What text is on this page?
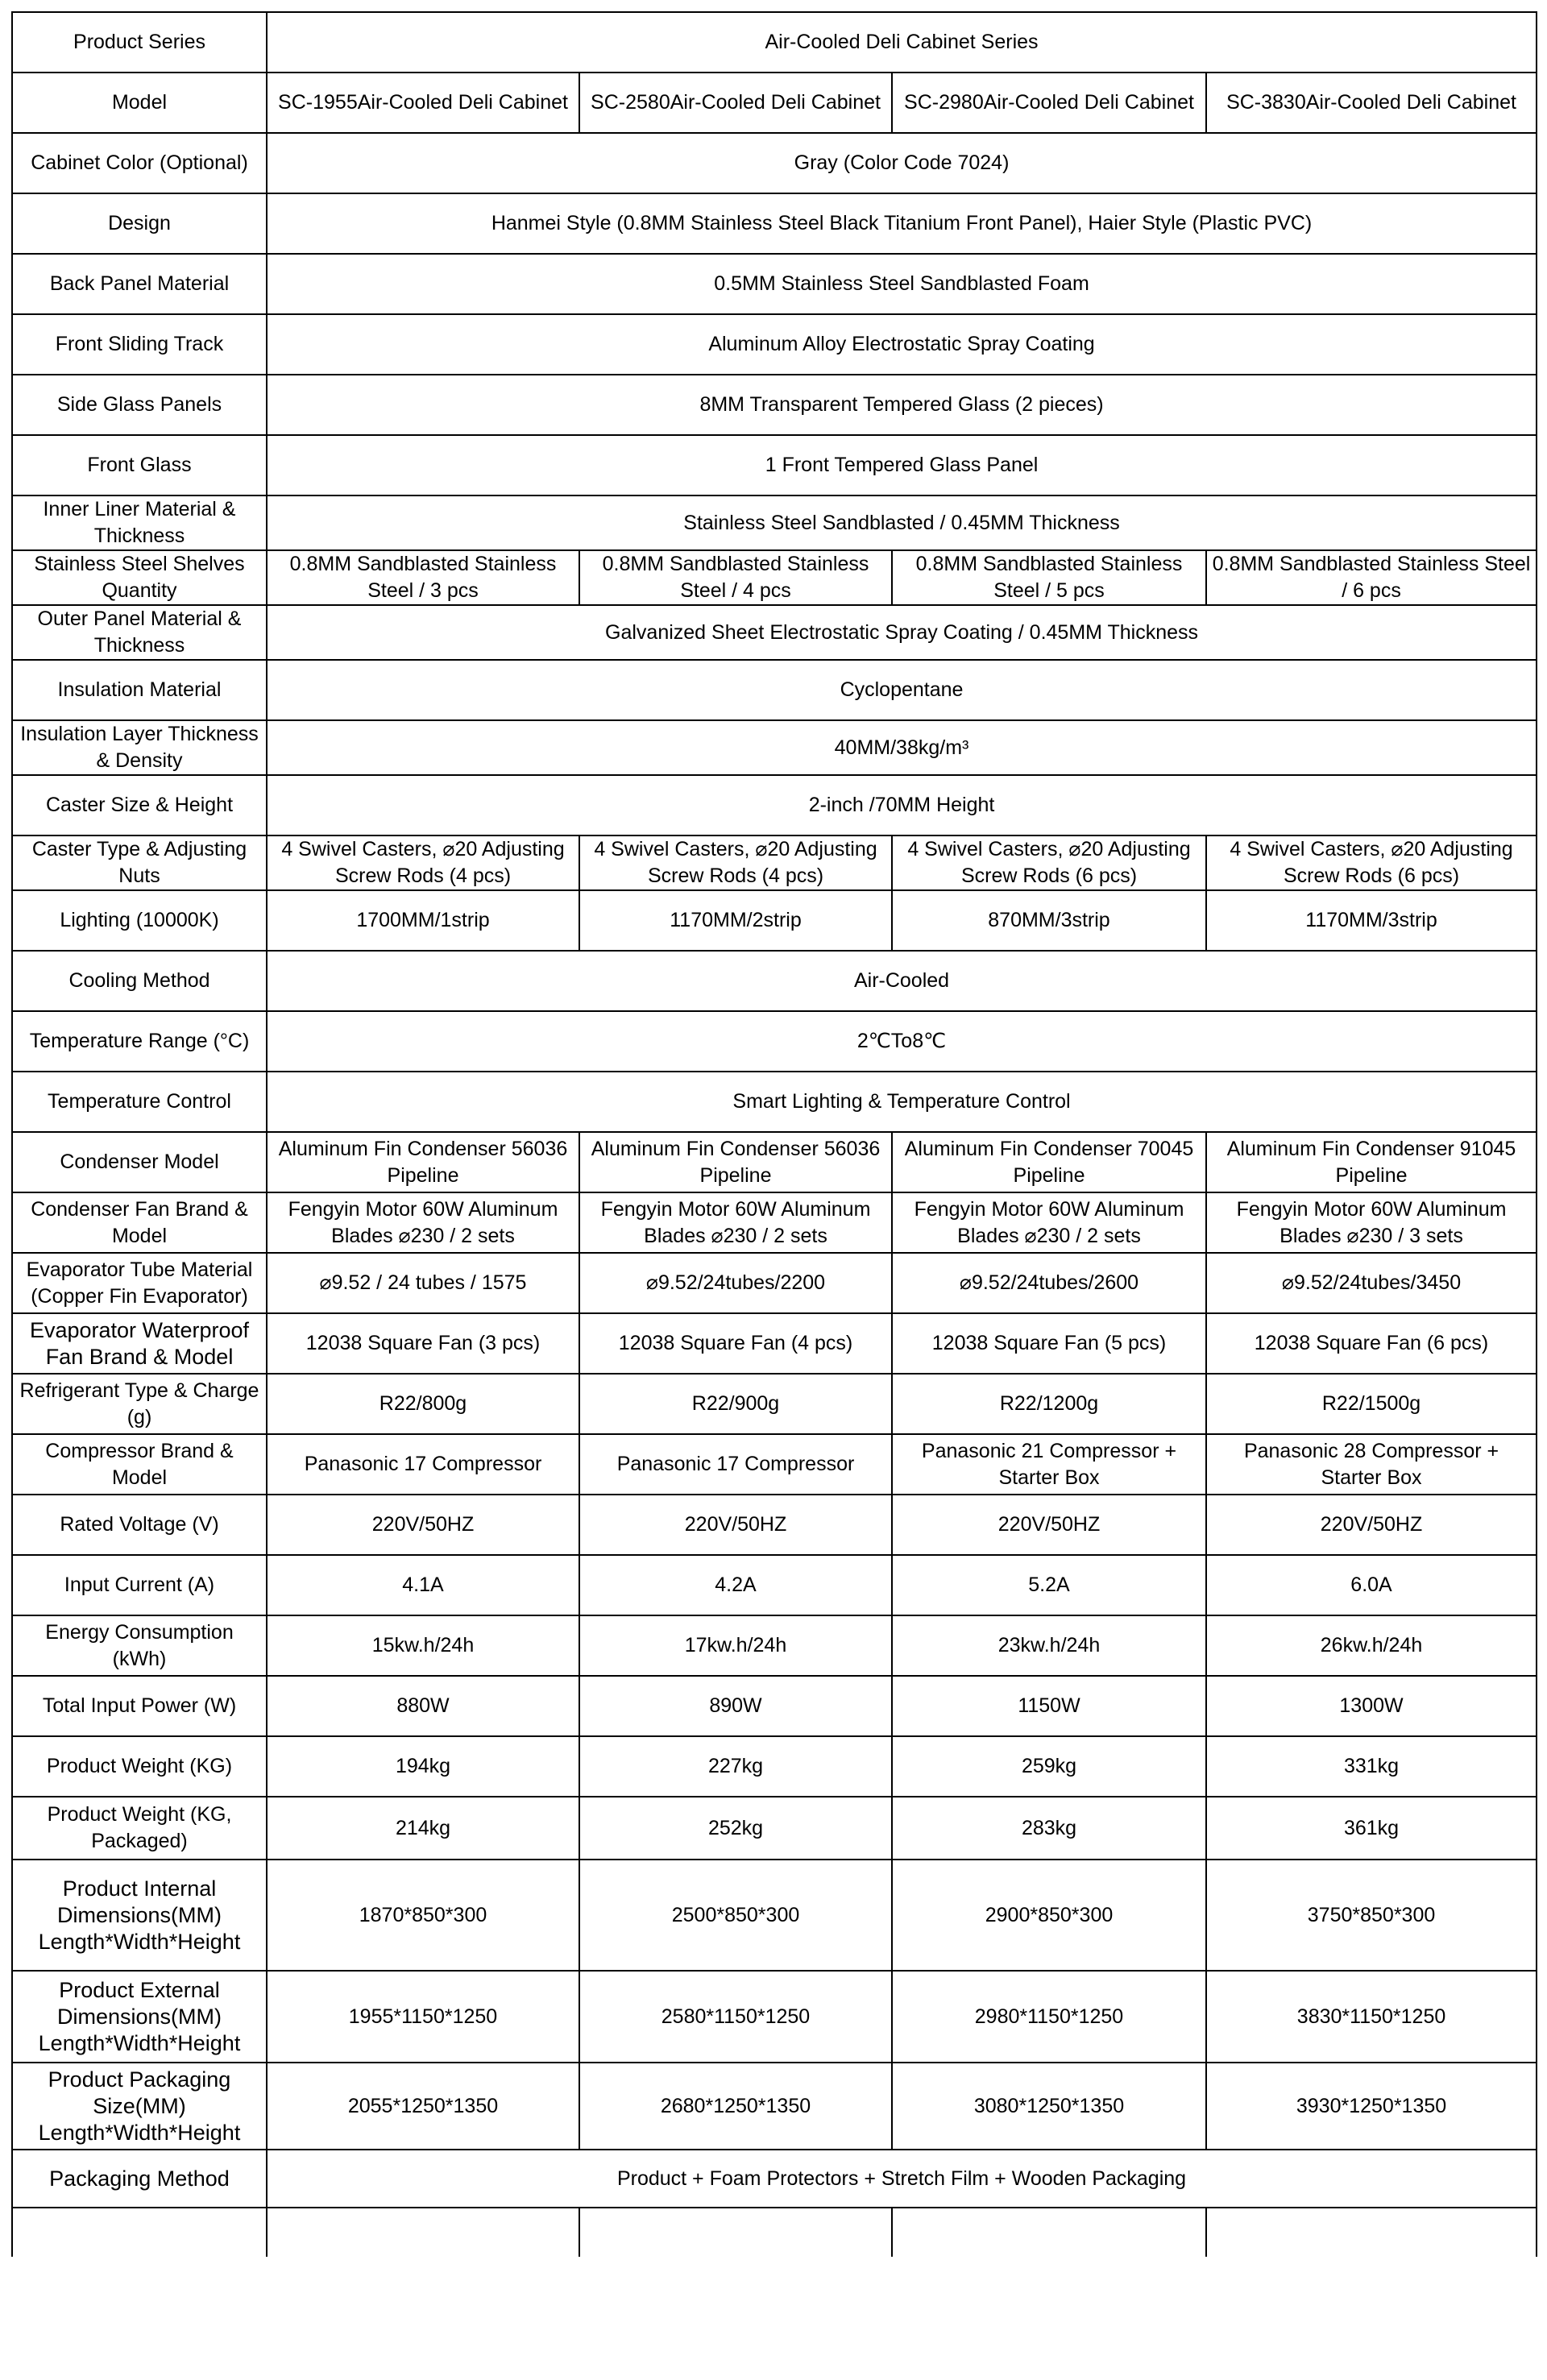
Product Series	Air-Cooled Deli Cabinet Series			
Model	SC-1955Air-Cooled Deli Cabinet	SC-2580Air-Cooled Deli Cabinet	SC-2980Air-Cooled Deli Cabinet	SC-3830Air-Cooled Deli Cabinet
Cabinet Color (Optional)	Gray (Color Code 7024)			
Design	Hanmei Style (0.8MM Stainless Steel Black Titanium Front Panel), Haier Style (Plastic PVC)			
Back Panel Material	0.5MM Stainless Steel Sandblasted Foam			
Front Sliding Track	Aluminum Alloy Electrostatic Spray Coating			
Side Glass Panels	8MM Transparent Tempered Glass (2 pieces)			
Front Glass	1 Front Tempered Glass Panel			
Inner Liner Material & Thickness	Stainless Steel Sandblasted / 0.45MM Thickness			
Stainless Steel Shelves Quantity	0.8MM Sandblasted Stainless Steel / 3 pcs	0.8MM Sandblasted Stainless Steel / 4 pcs	0.8MM Sandblasted Stainless Steel / 5 pcs	0.8MM Sandblasted Stainless Steel / 6 pcs
Outer Panel Material & Thickness	Galvanized Sheet Electrostatic Spray Coating / 0.45MM Thickness			
Insulation Material	Cyclopentane			
Insulation Layer Thickness & Density	40MM/38kg/m³			
Caster Size & Height	2-inch /70MM Height			
Caster Type & Adjusting Nuts	4 Swivel Casters, ⌀20 Adjusting Screw Rods (4 pcs)	4 Swivel Casters, ⌀20 Adjusting Screw Rods (4 pcs)	4 Swivel Casters, ⌀20 Adjusting Screw Rods (6 pcs)	4 Swivel Casters, ⌀20 Adjusting Screw Rods (6 pcs)
Lighting (10000K)	1700MM/1strip	1170MM/2strip	870MM/3strip	1170MM/3strip
Cooling Method	Air-Cooled			
Temperature Range (°C)	2℃To8℃			
Temperature Control	Smart Lighting & Temperature Control			
Condenser Model	Aluminum Fin Condenser 56036 Pipeline	Aluminum Fin Condenser 56036 Pipeline	Aluminum Fin Condenser 70045 Pipeline	Aluminum Fin Condenser 91045 Pipeline
Condenser Fan Brand & Model	Fengyin Motor 60W Aluminum Blades ⌀230 / 2 sets	Fengyin Motor 60W Aluminum Blades ⌀230 / 2 sets	Fengyin Motor 60W Aluminum Blades ⌀230 / 2 sets	Fengyin Motor 60W Aluminum Blades ⌀230 / 3 sets
Evaporator Tube Material (Copper Fin Evaporator)	⌀9.52 / 24 tubes / 1575	⌀9.52/24tubes/2200	⌀9.52/24tubes/2600	⌀9.52/24tubes/3450
Evaporator Waterproof Fan Brand & Model	12038 Square Fan (3 pcs)	12038 Square Fan (4 pcs)	12038 Square Fan (5 pcs)	12038 Square Fan (6 pcs)
Refrigerant Type & Charge (g)	R22/800g	R22/900g	R22/1200g	R22/1500g
Compressor Brand & Model	Panasonic 17 Compressor	Panasonic 17 Compressor	Panasonic 21 Compressor + Starter Box	Panasonic 28 Compressor + Starter Box
Rated Voltage (V)	220V/50HZ	220V/50HZ	220V/50HZ	220V/50HZ
Input Current (A)	4.1A	4.2A	5.2A	6.0A
Energy Consumption (kWh)	15kw.h/24h	17kw.h/24h	23kw.h/24h	26kw.h/24h
Total Input Power (W)	880W	890W	1150W	1300W
Product Weight (KG)	194kg	227kg	259kg	331kg
Product Weight (KG, Packaged)	214kg	252kg	283kg	361kg
Product Internal Dimensions(MM) Length*Width*Height	1870*850*300	2500*850*300	2900*850*300	3750*850*300
Product External Dimensions(MM) Length*Width*Height	1955*1150*1250	2580*1150*1250	2980*1150*1250	3830*1150*1250
Product Packaging Size(MM) Length*Width*Height	2055*1250*1350	2680*1250*1350	3080*1250*1350	3930*1250*1350
Packaging Method	Product + Foam Protectors + Stretch Film + Wooden Packaging			
